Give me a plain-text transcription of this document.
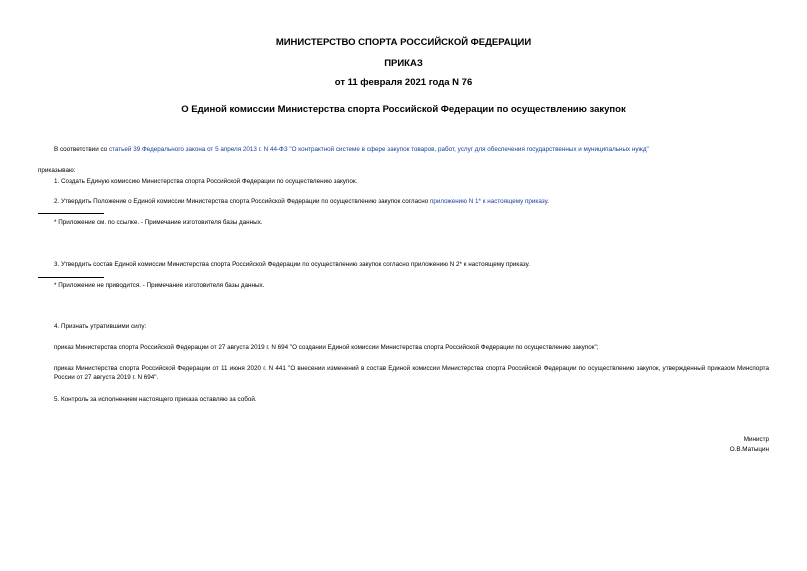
МИНИСТЕРСТВО СПОРТА РОССИЙСКОЙ ФЕДЕРАЦИИ
ПРИКАЗ
от 11 февраля 2021 года N 76
О Единой комиссии Министерства спорта Российской Федерации по осуществлению закупок
В соответствии со статьей 39 Федерального закона от 5 апреля 2013 г. N 44-ФЗ "О контрактной системе в сфере закупок товаров, работ, услуг для обеспечения государственных и муниципальных нужд"
приказываю:
1. Создать Единую комиссию Министерства спорта Российской Федерации по осуществлению закупок.
2. Утвердить Положение о Единой комиссии Министерства спорта Российской Федерации по осуществлению закупок согласно приложению N 1* к настоящему приказу.
* Приложение см. по ссылке. - Примечание изготовителя базы данных.
3. Утвердить состав Единой комиссии Министерства спорта Российской Федерации по осуществлению закупок согласно приложению N 2* к настоящему приказу.
* Приложение не приводится. - Примечание изготовителя базы данных.
4. Признать утратившими силу:
приказ Министерства спорта Российской Федерации от 27 августа 2019 г. N 694 "О создании Единой комиссии Министерства спорта Российской Федерации по осуществлению закупок";
приказ Министерства спорта Российской Федерации от 11 июня 2020 г. N 441 "О внесении изменений в состав Единой комиссии Министерства спорта Российской Федерации по осуществлению закупок, утвержденный приказом Минспорта России от 27 августа 2019 г. N 694".
5. Контроль за исполнением настоящего приказа оставляю за собой.
Министр
О.В.Матыцин
